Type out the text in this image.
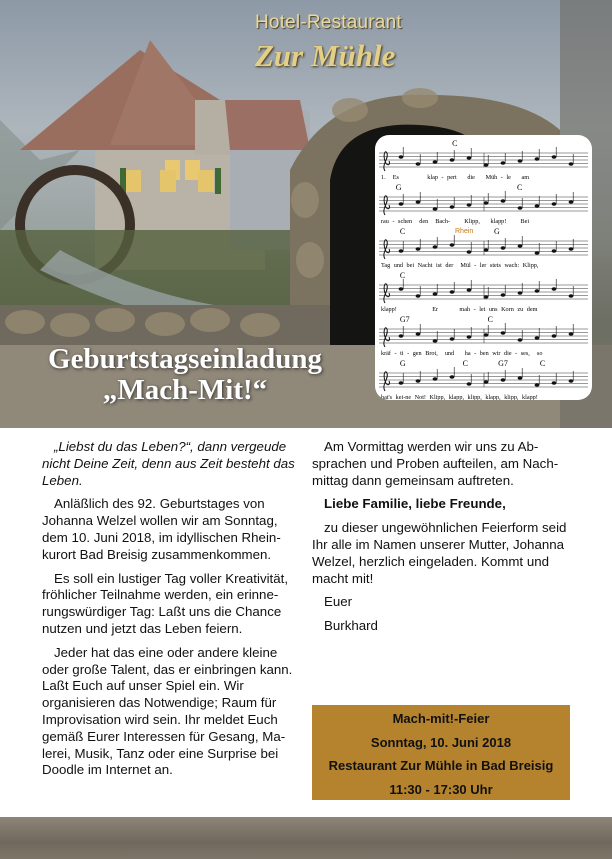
Hotel-Restaurant
Zur Mühle
Geburtstagseinladung
„Mach-Mit!“
Rhein
C
1.  Es        klap - pert   die   Müh - le   am
G	C
rau - schen  den  Bach-    Klipp,   klapp!    Bei
C	G
Tag und bei Nacht ist der  Mül - ler stets wach: Klipp,
C
klapp!          Er      mah - let uns Korn zu dem
G7	C
kräf - ti - gen Brot,  und   ha - ben wir die - ses,  so
G	C	G7	C
hat's kei-ne Not! Klipp, klapp, klipp, klapp, klipp, klapp!

„Liebst du das Leben?“, dann vergeude nicht Deine Zeit, denn aus Zeit besteht das Leben.

Anläßlich des 92. Geburtstages von Johanna Welzel wollen wir am Sonntag, dem 10. Juni 2018, im idyllischen Rheinkurort Bad Breisig zusammenkommen.

Es soll ein lustiger Tag voller Kreativität, fröhlicher Teilnahme werden, ein erinnerungswürdiger Tag: Laßt uns die Chance nutzen und jetzt das Leben feiern.

Jeder hat das eine oder andere kleine oder große Talent, das er einbringen kann. Laßt Euch auf unser Spiel ein. Wir organisieren das Notwendige; Raum für Improvisation wird sein. Ihr meldet Euch gemäß Eurer Interessen für Gesang, Malerei, Musik, Tanz oder eine Surprise bei Doodle im Internet an.

Am Vormittag werden wir uns zu Absprachen und Proben aufteilen, am Nachmittag dann gemeinsam auftreten.

Liebe Familie, liebe Freunde,

zu dieser ungewöhnlichen Feierform seid Ihr alle im Namen unserer Mutter, Johanna Welzel, herzlich eingeladen. Kommt und macht mit!

Euer

Burkhard

Mach-mit!-Feier
Sonntag, 10. Juni 2018
Restaurant Zur Mühle in Bad Breisig
11:30 - 17:30 Uhr
